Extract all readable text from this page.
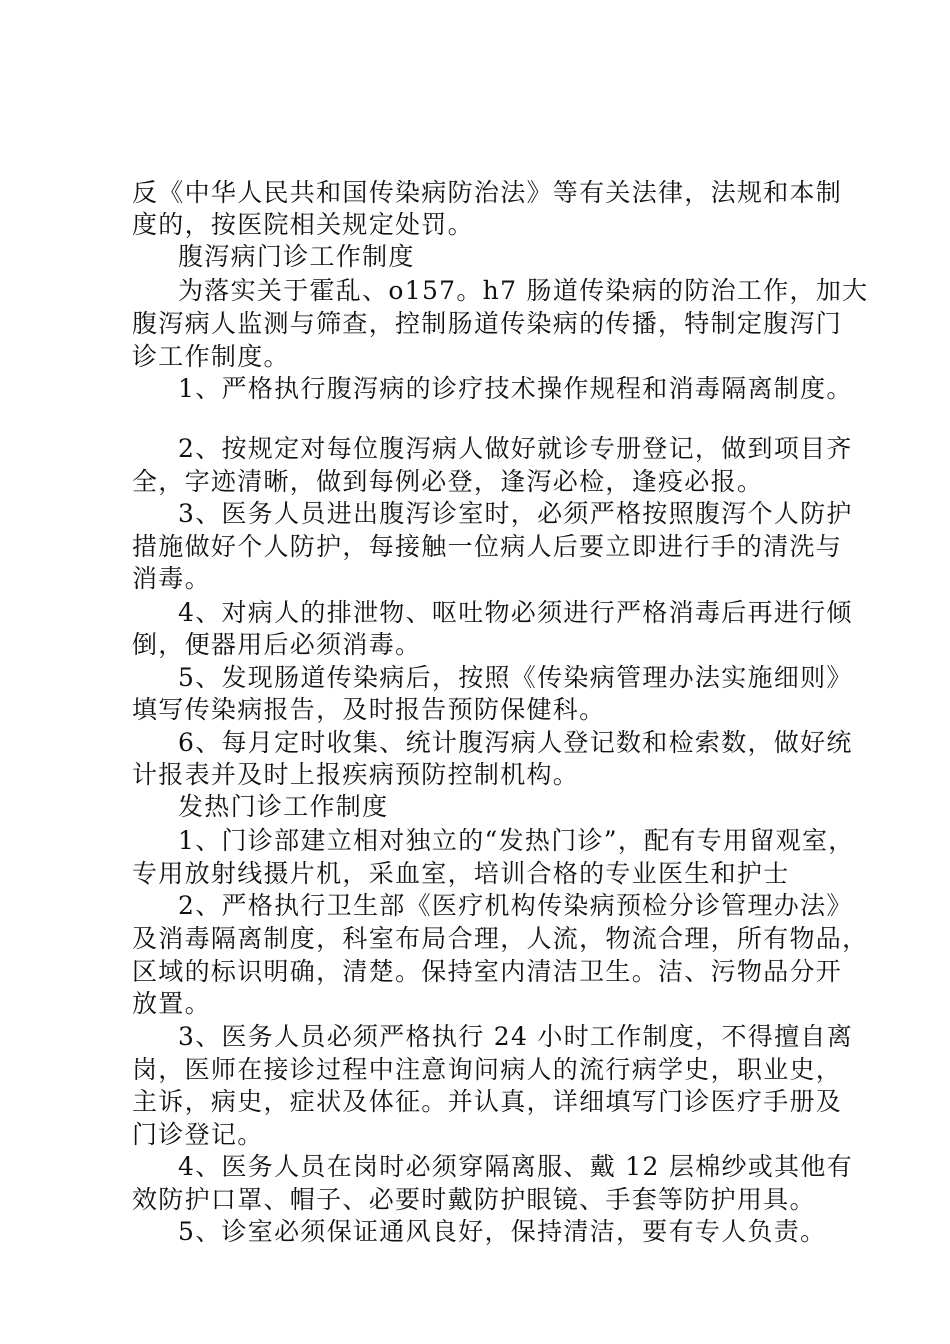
反《中华人民共和国传染病防治法》等有关法律，法规和本制
度的，按医院相关规定处罚。
腹泻病门诊工作制度
为落实关于霍乱、o157。h7 肠道传染病的防治工作，加大
腹泻病人监测与筛查，控制肠道传染病的传播，特制定腹泻门
诊工作制度。
1、严格执行腹泻病的诊疗技术操作规程和消毒隔离制度。
2、按规定对每位腹泻病人做好就诊专册登记，做到项目齐
全，字迹清晰，做到每例必登，逢泻必检，逢疫必报。
3、医务人员进出腹泻诊室时，必须严格按照腹泻个人防护
措施做好个人防护，每接触一位病人后要立即进行手的清洗与
消毒。
4、对病人的排泄物、呕吐物必须进行严格消毒后再进行倾
倒，便器用后必须消毒。
5、发现肠道传染病后，按照《传染病管理办法实施细则》
填写传染病报告，及时报告预防保健科。
6、每月定时收集、统计腹泻病人登记数和检索数，做好统
计报表并及时上报疾病预防控制机构。
发热门诊工作制度
1、门诊部建立相对独立的“发热门诊”，配有专用留观室，
专用放射线摄片机，采血室，培训合格的专业医生和护士
2、严格执行卫生部《医疗机构传染病预检分诊管理办法》
及消毒隔离制度，科室布局合理，人流，物流合理，所有物品，
区域的标识明确，清楚。保持室内清洁卫生。洁、污物品分开
放置。
3、医务人员必须严格执行 24 小时工作制度，不得擅自离
岗，医师在接诊过程中注意询问病人的流行病学史，职业史，
主诉，病史，症状及体征。并认真，详细填写门诊医疗手册及
门诊登记。
4、医务人员在岗时必须穿隔离服、戴 12 层棉纱或其他有
效防护口罩、帽子、必要时戴防护眼镜、手套等防护用具。
5、诊室必须保证通风良好，保持清洁，要有专人负责。
